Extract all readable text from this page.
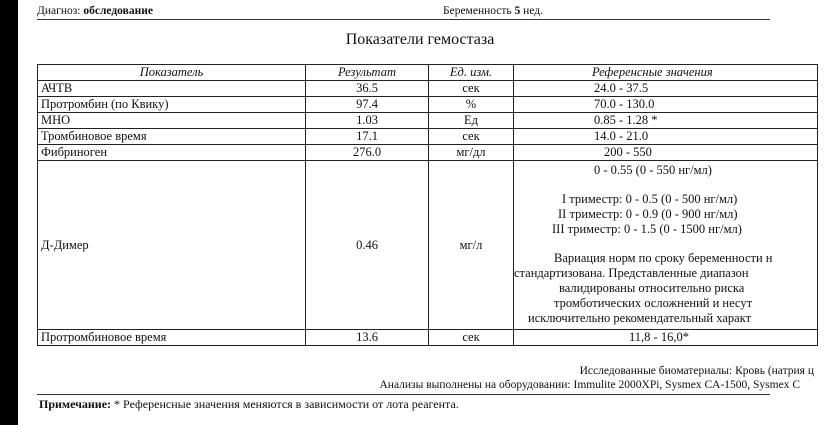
Диагноз: обследование	Беременность 5 нед.
Показатели гемостаза
Показатель	Результат	Ед. изм.	Референсные значения
АЧТВ	36.5	сек	24.0 - 37.5
Протромбин (по Квику)	97.4	%	70.0 - 130.0
МНО	1.03	Ед	0.85 - 1.28 *
Тромбиновое время	17.1	сек	14.0 - 21.0
Фибриноген	276.0	мг/дл	200 - 550
Д-Димер	0.46	мг/л	
0 - 0.55 (0 - 550 нг/мл)
I триместр: 0 - 0.5 (0 - 500 нг/мл)
II триместр: 0 - 0.9 (0 - 900 нг/мл)
III триместр: 0 - 1.5 (0 - 1500 нг/мл)
Вариация норм по сроку беременности н
стандартизована. Представленные диапазон
валидированы относительно риска
тромботических осложнений и несут
исключительно рекомендательный характ

Протромбиновое время	13.6	сек	11,8 - 16,0*
Исследованные биоматериалы: Кровь (натрия ц
Анализы выполнены на оборудовании: Immulite 2000XPi, Sysmex CA-1500, Sysmex C
Примечание: * Референсные значения меняются в зависимости от лота реагента.
